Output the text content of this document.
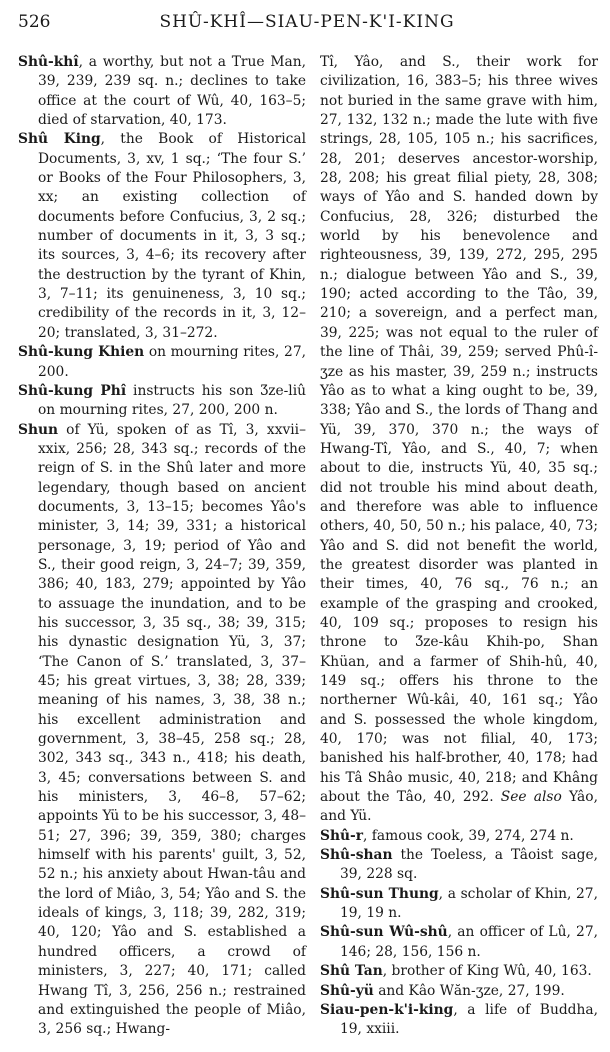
526	SHÛ-KHÎ—SIAU-PEN-K'I-KING

Shû-khî, a worthy, but not a True Man, 39, 239, 239 sq. n.; declines to take office at the court of Wû, 40, 163–5; died of starvation, 40, 173.

Shû King, the Book of Historical Documents, 3, xv, 1 sq.; ‘The four S.’ or Books of the Four Philosophers, 3, xx; an existing collection of documents before Confucius, 3, 2 sq.; number of documents in it, 3, 3 sq.; its sources, 3, 4–6; its recovery after the destruction by the tyrant of Khin, 3, 7–11; its genuineness, 3, 10 sq.; credibility of the records in it, 3, 12–20; translated, 3, 31–272.

Shû-kung Khien on mourning rites, 27, 200.

Shû-kung Phî instructs his son Ʒze-liû on mourning rites, 27, 200, 200 n.

Shun of Yü, spoken of as Tî, 3, xxvii–xxix, 256; 28, 343 sq.; records of the reign of S. in the Shû later and more legendary, though based on ancient documents, 3, 13–15; becomes Yâo's minister, 3, 14; 39, 331; a historical personage, 3, 19; period of Yâo and S., their good reign, 3, 24–7; 39, 359, 386; 40, 183, 279; appointed by Yâo to assuage the inundation, and to be his successor, 3, 35 sq., 38; 39, 315; his dynastic designation Yü, 3, 37; ‘The Canon of S.’ translated, 3, 37–45; his great virtues, 3, 38; 28, 339; meaning of his names, 3, 38, 38 n.; his excellent administration and government, 3, 38–45, 258 sq.; 28, 302, 343 sq., 343 n., 418; his death, 3, 45; conversations between S. and his ministers, 3, 46–8, 57–62; appoints Yü to be his successor, 3, 48–51; 27, 396; 39, 359, 380; charges himself with his parents' guilt, 3, 52, 52 n.; his anxiety about Hwan-tâu and the lord of Miâo, 3, 54; Yâo and S. the ideals of kings, 3, 118; 39, 282, 319; 40, 120; Yâo and S. established a hundred officers, a crowd of ministers, 3, 227; 40, 171; called Hwang Tî, 3, 256, 256 n.; restrained and extinguished the people of Miâo, 3, 256 sq.; Hwang-

Tî, Yâo, and S., their work for civilization, 16, 383–5; his three wives not buried in the same grave with him, 27, 132, 132 n.; made the lute with five strings, 28, 105, 105 n.; his sacrifices, 28, 201; deserves ancestor-worship, 28, 208; his great filial piety, 28, 308; ways of Yâo and S. handed down by Confucius, 28, 326; disturbed the world by his benevolence and righteousness, 39, 139, 272, 295, 295 n.; dialogue between Yâo and S., 39, 190; acted according to the Tâo, 39, 210; a sovereign, and a perfect man, 39, 225; was not equal to the ruler of the line of Thâi, 39, 259; served Phû-î-ʒze as his master, 39, 259 n.; instructs Yâo as to what a king ought to be, 39, 338; Yâo and S., the lords of Thang and Yü, 39, 370, 370 n.; the ways of Hwang-Tî, Yâo, and S., 40, 7; when about to die, instructs Yü, 40, 35 sq.; did not trouble his mind about death, and therefore was able to influence others, 40, 50, 50 n.; his palace, 40, 73; Yâo and S. did not benefit the world, the greatest disorder was planted in their times, 40, 76 sq., 76 n.; an example of the grasping and crooked, 40, 109 sq.; proposes to resign his throne to Ʒze-kâu Khih-po, Shan Khüan, and a farmer of Shih-hû, 40, 149 sq.; offers his throne to the northerner Wû-kâi, 40, 161 sq.; Yâo and S. possessed the whole kingdom, 40, 170; was not filial, 40, 173; banished his half-brother, 40, 178; had his Tâ Shâo music, 40, 218; and Khâng about the Tâo, 40, 292. See also Yâo, and Yü.

Shû-r, famous cook, 39, 274, 274 n.

Shû-shan the Toeless, a Tâoist sage, 39, 228 sq.

Shû-sun Thung, a scholar of Khin, 27, 19, 19 n.

Shû-sun Wû-shû, an officer of Lû, 27, 146; 28, 156, 156 n.

Shû Tan, brother of King Wû, 40, 163.

Shû-yü and Kâo Wăn-ʒze, 27, 199.

Siau-pen-k'i-king, a life of Buddha, 19, xxiii.
